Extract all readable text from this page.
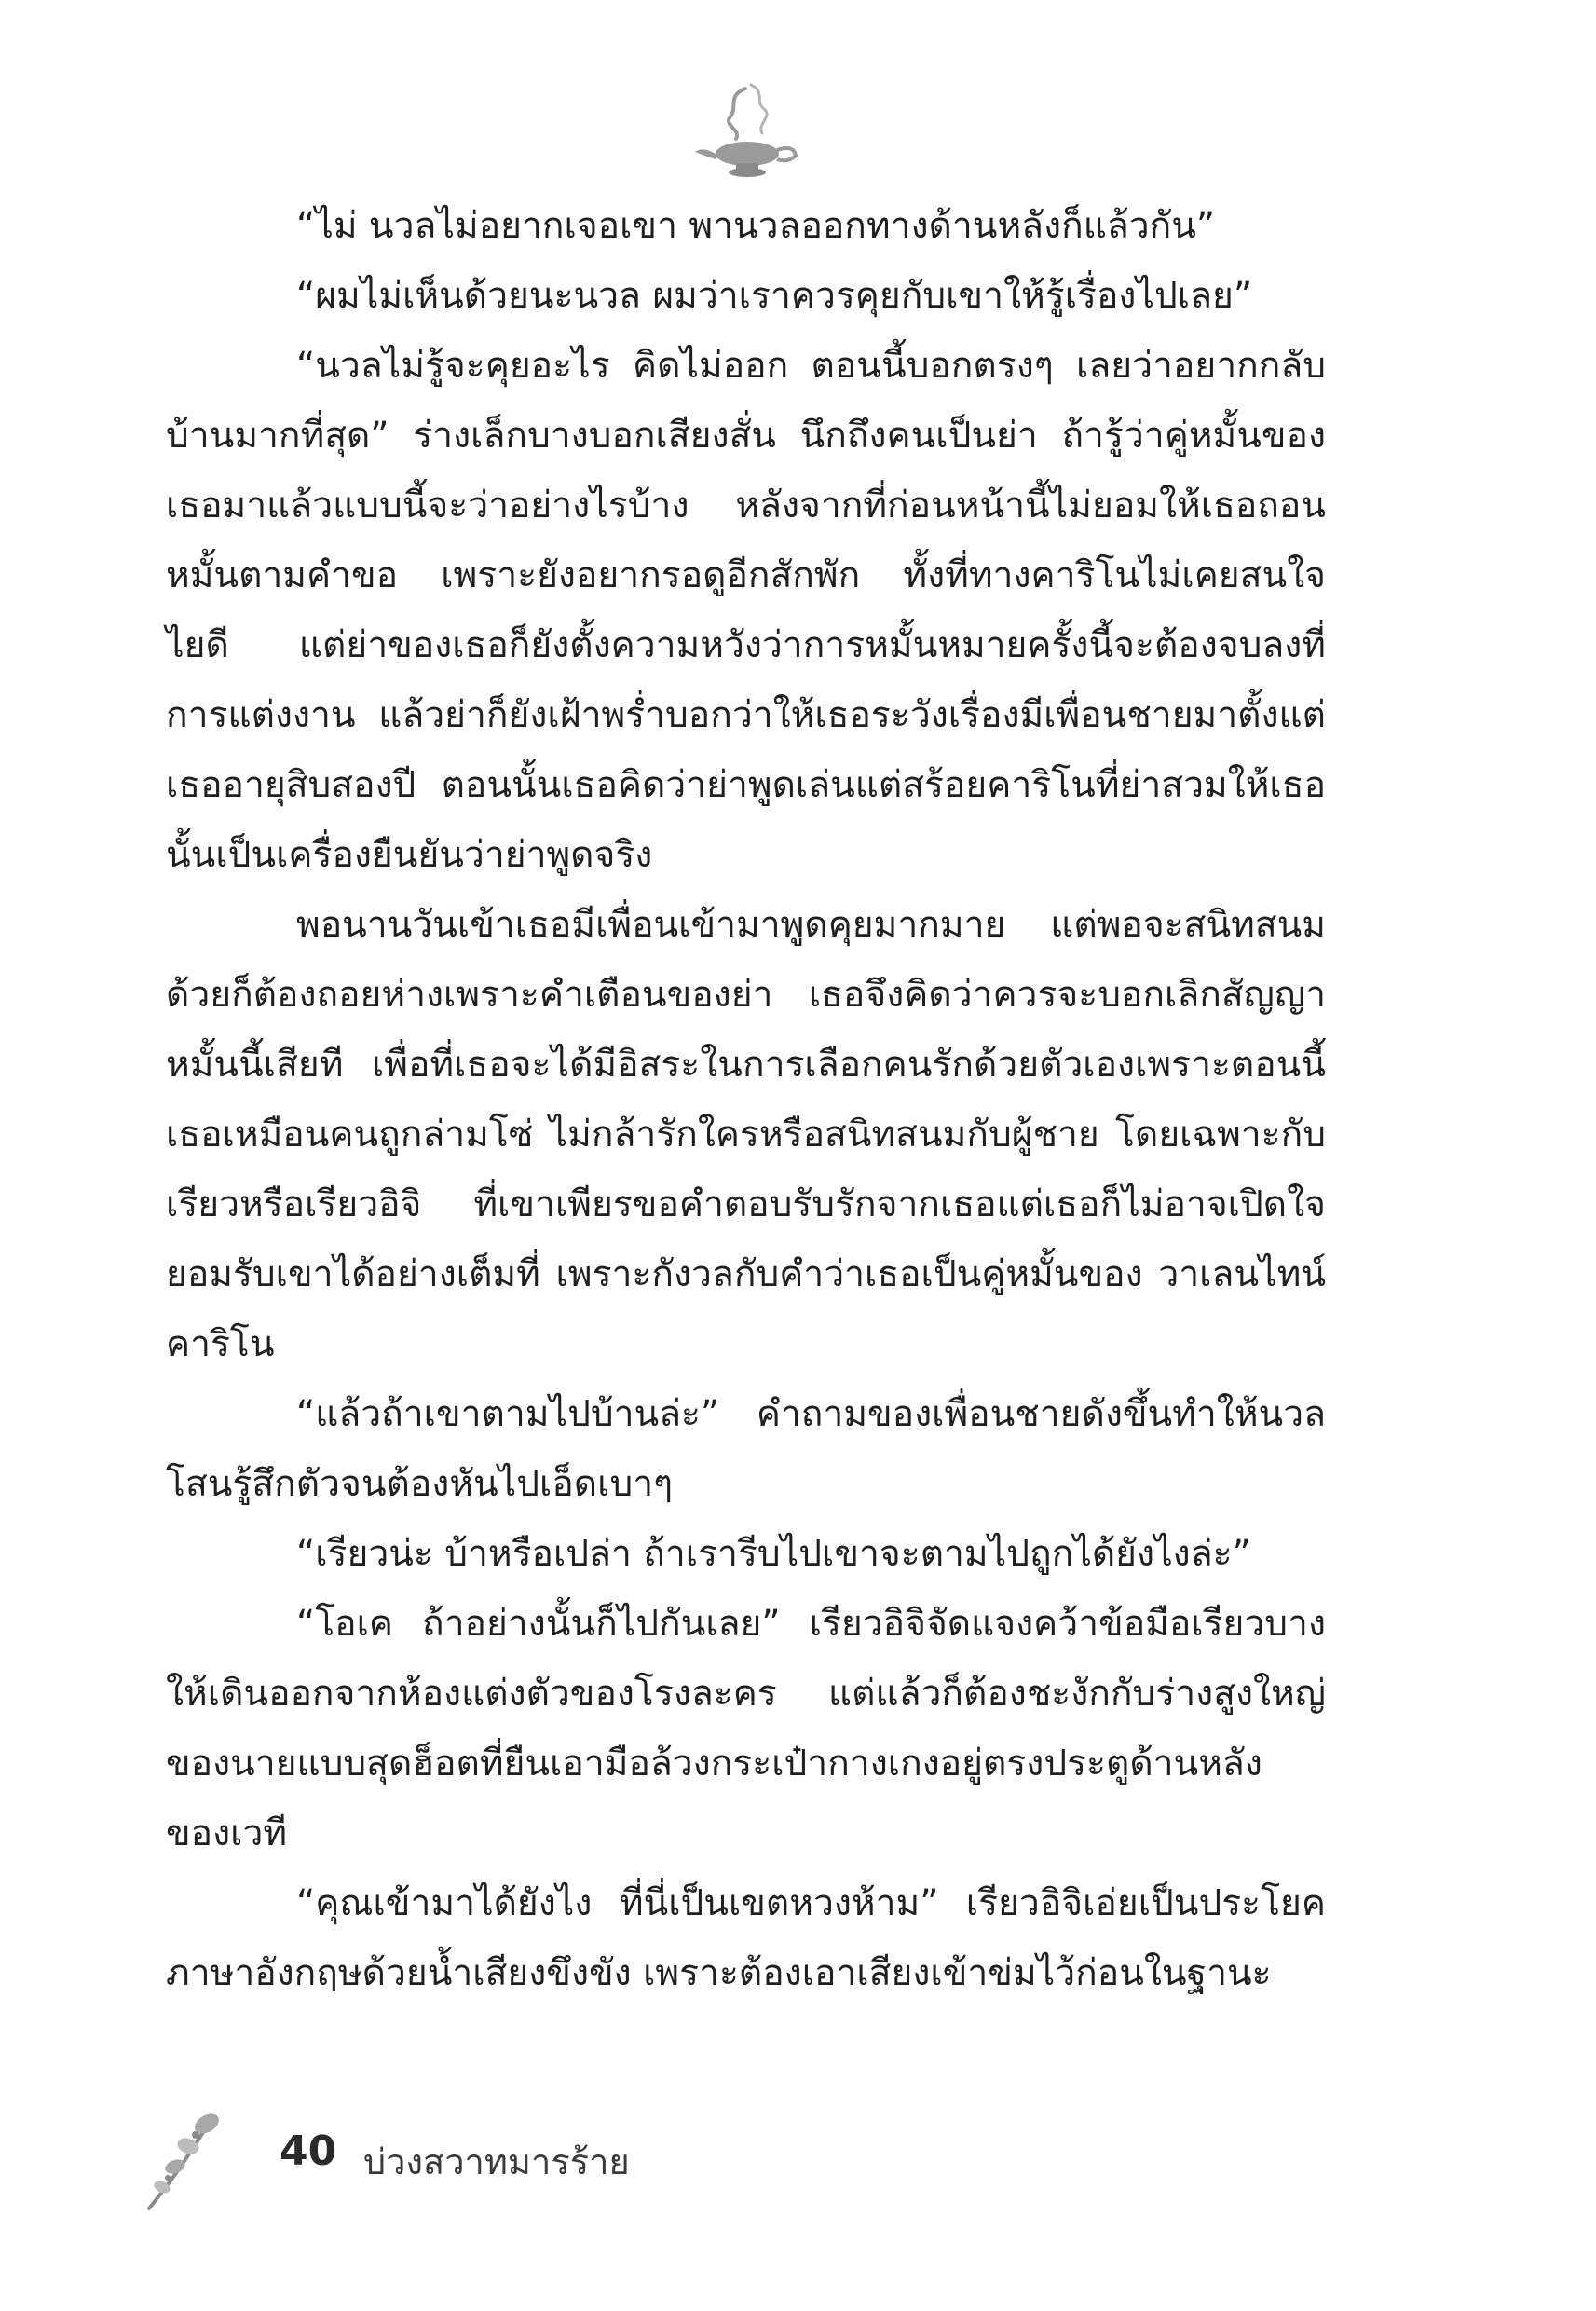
“ไม่ นวลไม่อยากเจอเขา พานวลออกทางด้านหลังก็แล้วกัน”

“ผมไม่เห็นด้วยนะนวล ผมว่าเราควรคุยกับเขาให้รู้เรื่องไปเลย”

“นวลไม่รู้จะคุยอะไร คิดไม่ออก ตอนนี้บอกตรงๆ เลยว่าอยากกลับบ้านมากที่สุด” ร่างเล็กบางบอกเสียงสั่น นึกถึงคนเป็นย่า ถ้ารู้ว่าคู่หมั้นของเธอมาแล้วแบบนี้จะว่าอย่างไรบ้าง หลังจากที่ก่อนหน้านี้ไม่ยอมให้เธอถอนหมั้นตามคำขอ เพราะยังอยากรอดูอีกสักพัก ทั้งที่ทางคาริโนไม่เคยสนใจไยดี แต่ย่าของเธอก็ยังตั้งความหวังว่าการหมั้นหมายครั้งนี้จะต้องจบลงที่การแต่งงาน แล้วย่าก็ยังเฝ้าพร่ำบอกว่าให้เธอระวังเรื่องมีเพื่อนชายมาตั้งแต่เธออายุสิบสองปี ตอนนั้นเธอคิดว่าย่าพูดเล่นแต่สร้อยคาริโนที่ย่าสวมให้เธอนั้นเป็นเครื่องยืนยันว่าย่าพูดจริง

พอนานวันเข้าเธอมีเพื่อนเข้ามาพูดคุยมากมาย แต่พอจะสนิทสนมด้วยก็ต้องถอยห่างเพราะคำเตือนของย่า เธอจึงคิดว่าควรจะบอกเลิกสัญญาหมั้นนี้เสียที เพื่อที่เธอจะได้มีอิสระในการเลือกคนรักด้วยตัวเองเพราะตอนนี้เธอเหมือนคนถูกล่ามโซ่ ไม่กล้ารักใครหรือสนิทสนมกับผู้ชาย โดยเฉพาะกับเรียวหรือเรียวอิจิ ที่เขาเพียรขอคำตอบรับรักจากเธอแต่เธอก็ไม่อาจเปิดใจยอมรับเขาได้อย่างเต็มที่ เพราะกังวลกับคำว่าเธอเป็นคู่หมั้นของ วาเลนไทน์ คาริโน

“แล้วถ้าเขาตามไปบ้านล่ะ” คำถามของเพื่อนชายดังขึ้นทำให้นวลโสนรู้สึกตัวจนต้องหันไปเอ็ดเบาๆ

“เรียวน่ะ บ้าหรือเปล่า ถ้าเรารีบไปเขาจะตามไปถูกได้ยังไงล่ะ”

“โอเค ถ้าอย่างนั้นก็ไปกันเลย” เรียวอิจิจัดแจงคว้าข้อมือเรียวบางให้เดินออกจากห้องแต่งตัวของโรงละคร แต่แล้วก็ต้องชะงักกับร่างสูงใหญ่ของนายแบบสุดฮ็อตที่ยืนเอามือล้วงกระเป๋ากางเกงอยู่ตรงประตูด้านหลังของเวที

“คุณเข้ามาได้ยังไง ที่นี่เป็นเขตหวงห้าม” เรียวอิจิเอ่ยเป็นประโยคภาษาอังกฤษด้วยน้ำเสียงขึงขัง เพราะต้องเอาเสียงเข้าข่มไว้ก่อนในฐานะ

40 บ่วงสวาทมารร้าย
